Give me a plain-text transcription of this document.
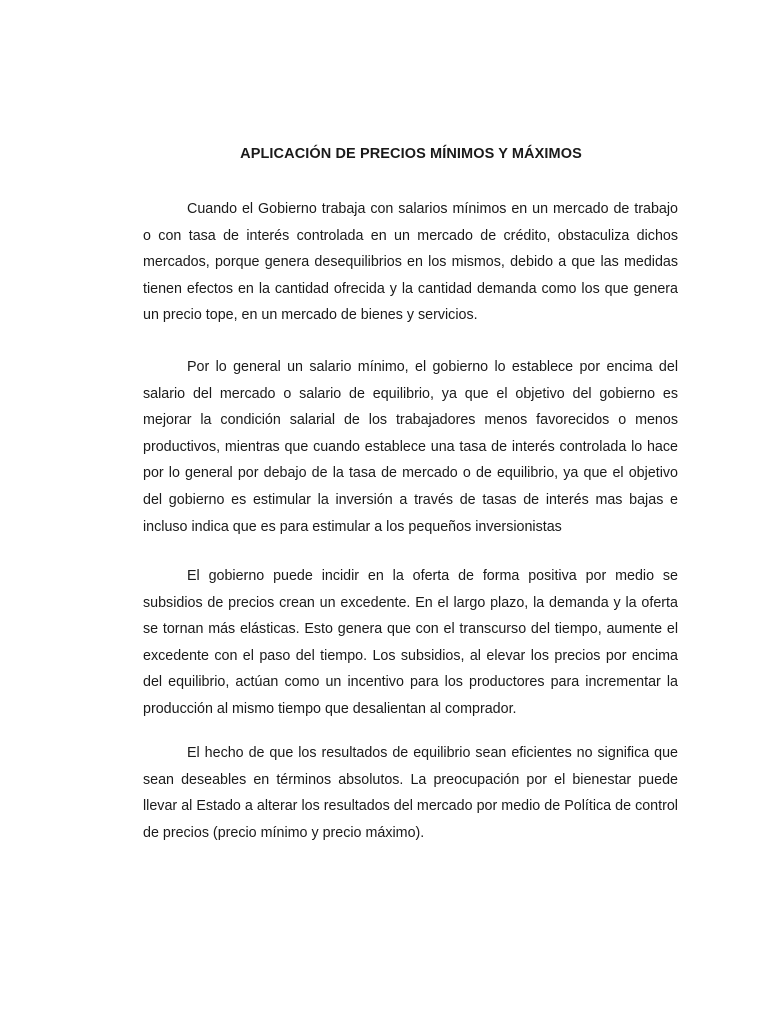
APLICACIÓN DE PRECIOS MÍNIMOS Y MÁXIMOS

Cuando el Gobierno trabaja con salarios mínimos en un mercado de trabajo o con tasa de interés controlada en un mercado de crédito, obstaculiza dichos mercados, porque genera desequilibrios en los mismos, debido a que las medidas tienen efectos en la cantidad ofrecida y la cantidad demanda como los que genera un precio tope, en un mercado de bienes y servicios.

Por lo general un salario mínimo, el gobierno lo establece por encima del salario del mercado o salario de equilibrio, ya que el objetivo del gobierno es mejorar la condición salarial de los trabajadores menos favorecidos o menos productivos, mientras que cuando establece una tasa de interés controlada lo hace por lo general por debajo de la tasa de mercado o de equilibrio, ya que el objetivo del gobierno es estimular la inversión a través de tasas de interés mas bajas e incluso indica que es para estimular a los pequeños inversionistas

El gobierno puede incidir en la oferta de forma positiva por medio se subsidios de precios crean un excedente. En el largo plazo, la demanda y la oferta se tornan más elásticas. Esto genera que con el transcurso del tiempo, aumente el excedente con el paso del tiempo. Los subsidios, al elevar los precios por encima del equilibrio, actúan como un incentivo para los productores para incrementar la producción al mismo tiempo que desalientan al comprador.

El hecho de que los resultados de equilibrio sean eficientes no significa que sean deseables en términos absolutos. La preocupación por el bienestar puede llevar al Estado a alterar los resultados del mercado por medio de Política de control de precios (precio mínimo y precio máximo).
